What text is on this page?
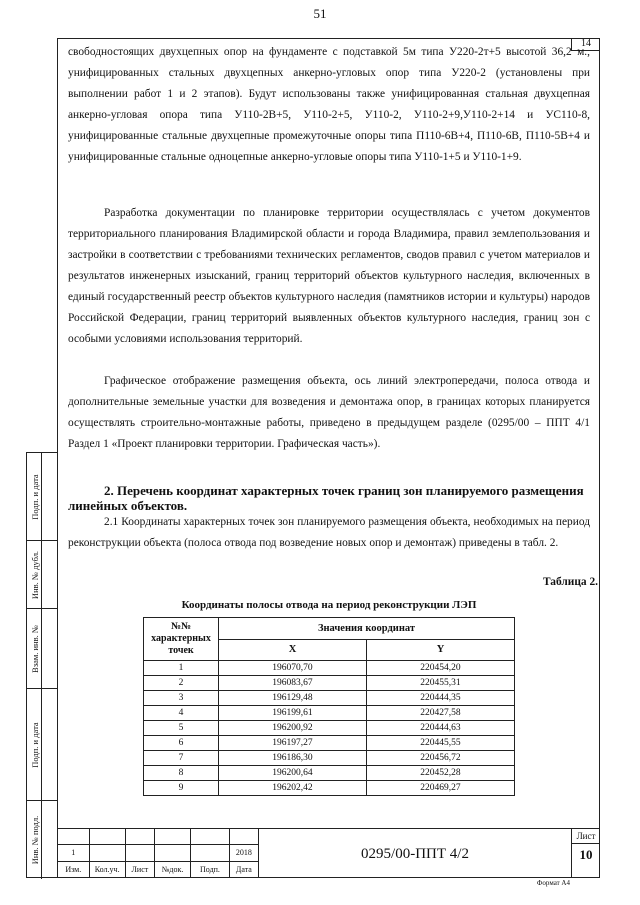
51
14

свободностоящих двухцепных опор на фундаменте с подставкой 5м типа У220-2т+5 высотой 36,2 м., унифицированных стальных двухцепных анкерно-угловых опор типа У220-2 (установлены при выполнении работ 1 и 2 этапов). Будут использованы также унифицированная стальная двухцепная анкерно-угловая опора типа У110-2В+5, У110-2+5, У110-2, У110-2+9,У110-2+14 и УС110-8, унифицированные стальные двухцепные промежуточные опоры типа П110-6В+4, П110-6В, П110-5В+4 и унифицированные стальные одноцепные анкерно-угловые опоры типа У110-1+5 и У110-1+9.

Разработка документации по планировке территории осуществлялась с учетом документов территориального планирования Владимирской области и города Владимира, правил землепользования и застройки в соответствии с требованиями технических регламентов, сводов правил с учетом материалов и результатов инженерных изысканий, границ территорий объектов культурного наследия, включенных в единый государственный реестр объектов культурного наследия (памятников истории и культуры) народов Российской Федерации, границ территорий выявленных объектов культурного наследия, границ зон с особыми условиями использования территорий.

Графическое отображение размещения объекта, ось линий электропередачи, полоса отвода и дополнительные земельные участки для возведения и демонтажа опор, в границах которых планируется осуществлять строительно-монтажные работы, приведено в предыдущем разделе (0295/00 – ППТ 4/1 Раздел 1 «Проект планировки территории. Графическая часть»).

2. Перечень координат характерных точек границ зон планируемого размещения линейных объектов.

2.1 Координаты характерных точек зон планируемого размещения объекта, необходимых на период реконструкции объекта (полоса отвода под возведение новых опор и демонтаж) приведены в табл. 2.

Таблица 2.
Координаты полосы отвода на период реконструкции ЛЭП
№№ характерных точек	Значения координат	
	X	Y
1	196070,70	220454,20
2	196083,67	220455,31
3	196129,48	220444,35
4	196199,61	220427,58
5	196200,92	220444,63
6	196197,27	220445,55
7	196186,30	220456,72
8	196200,64	220452,28
9	196202,42	220469,27
Подп. и дата
Инв. № дубл.
Взам. инв. №
Подп. и дата
Инв. № подл.
						1					2018
Изм.	Кол.уч.	Лист	№док.	Подп.	Дата
0295/00-ППТ 4/2
Лист
10
Формат А4
